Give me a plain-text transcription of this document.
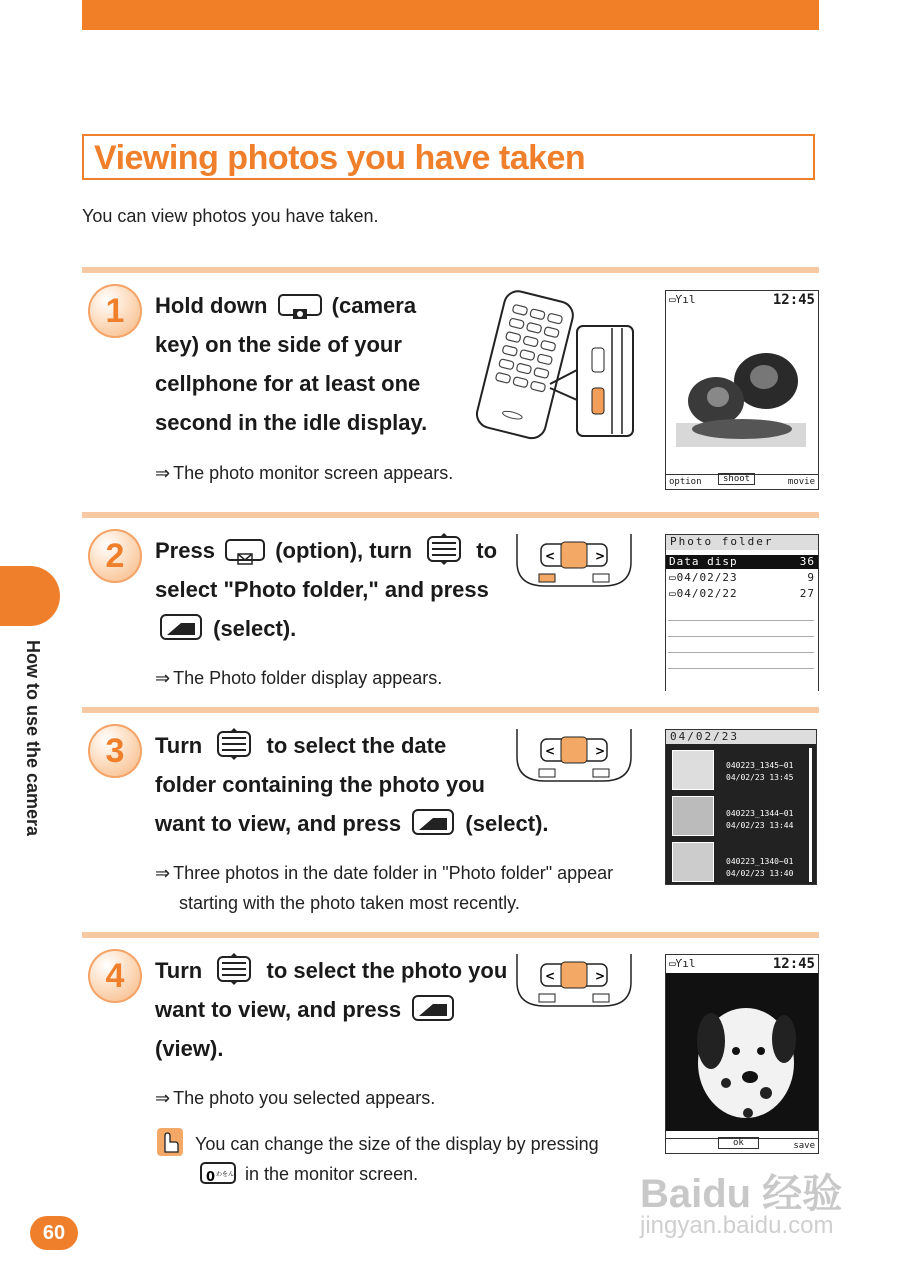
Viewing photos you have taken
You can view photos you have taken.
How to use the camera
1	Hold down	(camera
key) on the side of your
cellphone for at least one
second in the idle display.
⇒ The photo monitor screen appears.
▭Ƴıl	12:45
option	shoot	movie
2	Press	(option), turn	to
select "Photo folder," and press
(select).
⇒ The Photo folder display appears.
<	>
Photo folder
Data disp	36
▭04/02/23	9
▭04/02/22	27
3	Turn	to select the date
folder containing the photo you
want to view, and press	(select).
⇒ Three photos in the date folder in "Photo folder" appear
starting with the photo taken most recently.
<	>
04/02/23
040223_1345~01
04/02/23 13:45
040223_1344~01
04/02/23 13:44
040223_1340~01
04/02/23 13:40
4	Turn	to select the photo you
want to view, and press
(view).
⇒ The photo you selected appears.
You can change the size of the display by pressing
0 わをん in the monitor screen.
<	>
▭Ƴıl	12:45
ok	save
60
Baidu 经验
jingyan.baidu.com
